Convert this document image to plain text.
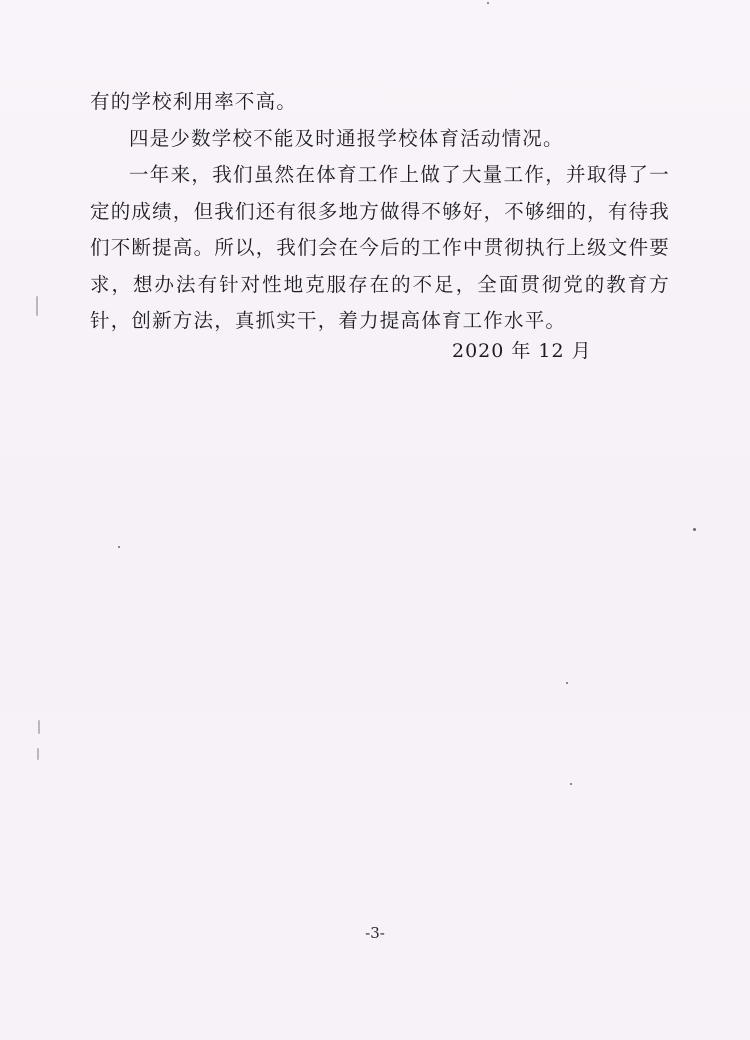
有的学校利用率不高。

四是少数学校不能及时通报学校体育活动情况。

一年来，我们虽然在体育工作上做了大量工作，并取得了一定的成绩，但我们还有很多地方做得不够好，不够细的，有待我们不断提高。所以，我们会在今后的工作中贯彻执行上级文件要求，想办法有针对性地克服存在的不足，全面贯彻党的教育方针，创新方法，真抓实干，着力提高体育工作水平。

2020 年 12 月
-3-
